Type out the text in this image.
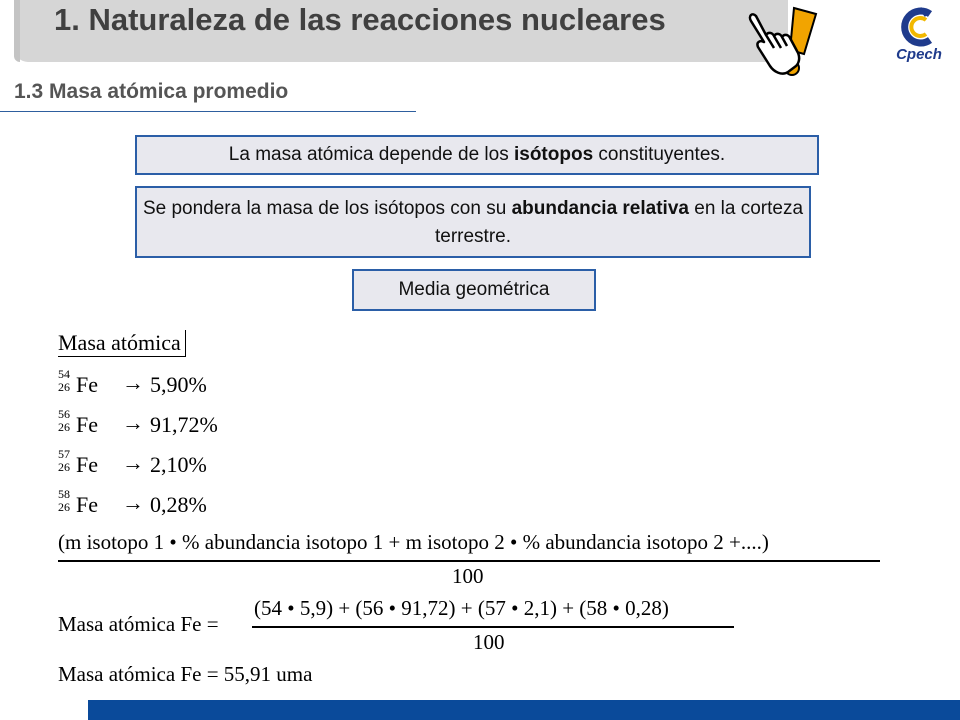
1. Naturaleza de las reacciones nucleares
Cpech
1.3 Masa atómica promedio
La masa atómica depende de los isótopos constituyentes.
Se pondera la masa de los isótopos con su abundancia relativa en la corteza terrestre.
Media geométrica
Masa atómica
54
26 Fe → 5,90%
56
26 Fe → 91,72%
57
26 Fe → 2,10%
58
26 Fe → 0,28%
(m isotopo 1 • % abundancia isotopo 1 + m isotopo 2 • % abundancia isotopo 2 +....)
100
Masa atómica Fe =
(54 • 5,9) + (56 • 91,72) + (57 • 2,1) + (58 • 0,28)
100
Masa atómica Fe = 55,91 uma
